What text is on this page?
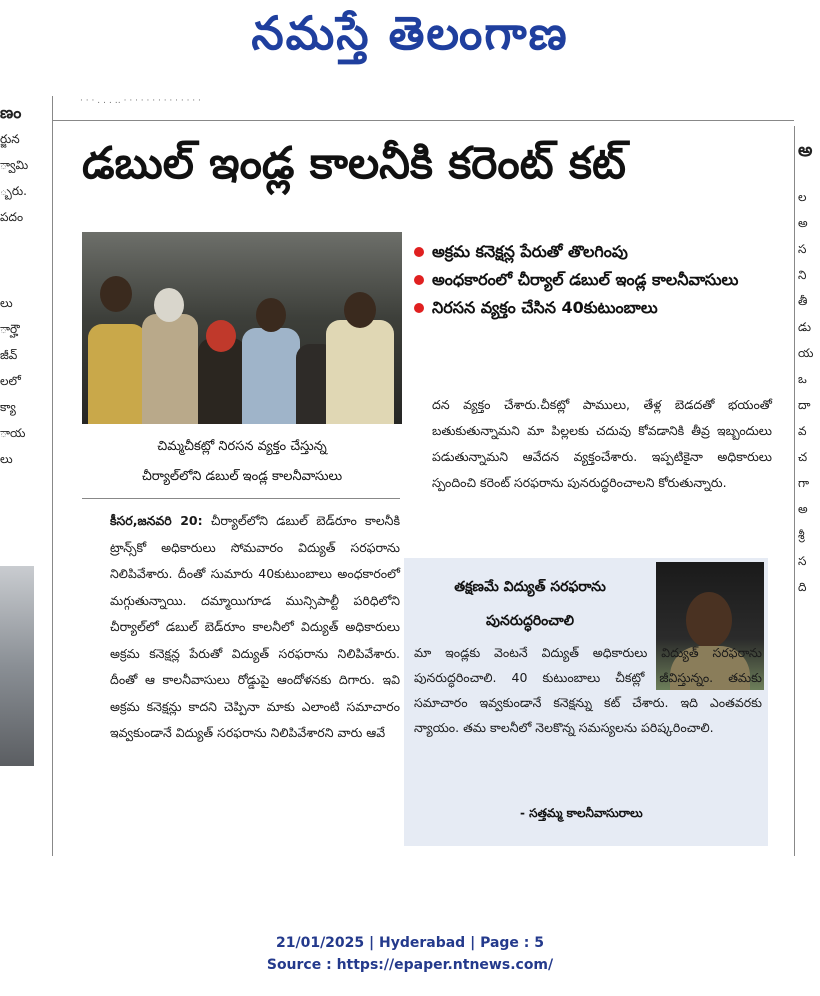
నమస్తే తెలంగాణ
· · · ․ ․ ․ ‥ · · · · · · · · · · · · · ·
ణం
ర్జున
్వామి
్బరు.
పదం
లు
ార్హౌ
జీవ్
లలో
క్యా
ాయ
లు
అ
ల
అ
స
ని
తీ
డు
య
ఒ
దా
వ
చ
గా
అ
శ్రీ
స
ది
డబుల్ ఇండ్ల కాలనీకి కరెంట్ కట్
చిమ్మచీకట్లో నిరసన వ్యక్తం చేస్తున్న
చీర్యాల్‌లోని డబుల్ ఇండ్ల కాలనీవాసులు
అక్రమ కనెక్షన్ల పేరుతో తొలగింపు
అంధకారంలో చీర్యాల్ డబుల్ ఇండ్ల కాలనీవాసులు
నిరసన వ్యక్తం చేసిన 40కుటుంబాలు
దన వ్యక్తం చేశారు.చీకట్లో పాములు, తేళ్ల బెడదతో భయంతో బతుకుతున్నామని మా పిల్లలకు చదువు కోవడానికి తీవ్ర ఇబ్బందులు పడుతున్నామని ఆవేదన వ్యక్తంచేశారు. ఇప్పటికైనా అధికారులు స్పందించి కరెంట్ సరఫరాను పునరుద్ధరించాలని కోరుతున్నారు.
కీసర,జనవరి 20: చీర్యాల్‌లోని డబుల్ బెడ్‌రూం కాలనీకి ట్రాన్స్‌కో అధికారులు సోమవారం విద్యుత్ సరఫరాను నిలిపివేశారు. దీంతో సుమారు 40కుటుంబాలు అంధకారంలో మగ్గుతున్నాయి. దమ్మాయిగూడ మున్సిపాల్టీ పరిధిలోని చీర్యాల్‌లో డబుల్ బెడ్‌రూం కాలనీలో విద్యుత్ అధికారులు అక్రమ కనెక్షన్ల పేరుతో విద్యుత్ సరఫరాను నిలిపివేశారు. దీంతో ఆ కాలనీవాసులు రోడ్డుపై ఆందోళనకు దిగారు. ఇవి అక్రమ కనెక్షన్లు కాదని చెప్పినా మాకు ఎలాంటి సమాచారం ఇవ్వకుండానే విద్యుత్ సరఫరాను నిలిపివేశారని వారు ఆవే
తక్షణమే విద్యుత్ సరఫరాను
పునరుద్ధరించాలి
మా ఇండ్లకు వెంటనే విద్యుత్ అధికారులు విద్యుత్ సరఫరాను పునరుద్ధరించాలి. 40 కుటుంబాలు చీకట్లో జీవిస్తున్నం. తమకు సమాచారం ఇవ్వకుండానే కనెక్షన్ను కట్ చేశారు. ఇది ఎంతవరకు న్యాయం. తమ కాలనీలో నెలకొన్న సమస్యలను పరిష్కరించాలి.
- సత్తమ్మ కాలనీవాసురాలు
21/01/2025 | Hyderabad | Page : 5
Source : https://epaper.ntnews.com/
